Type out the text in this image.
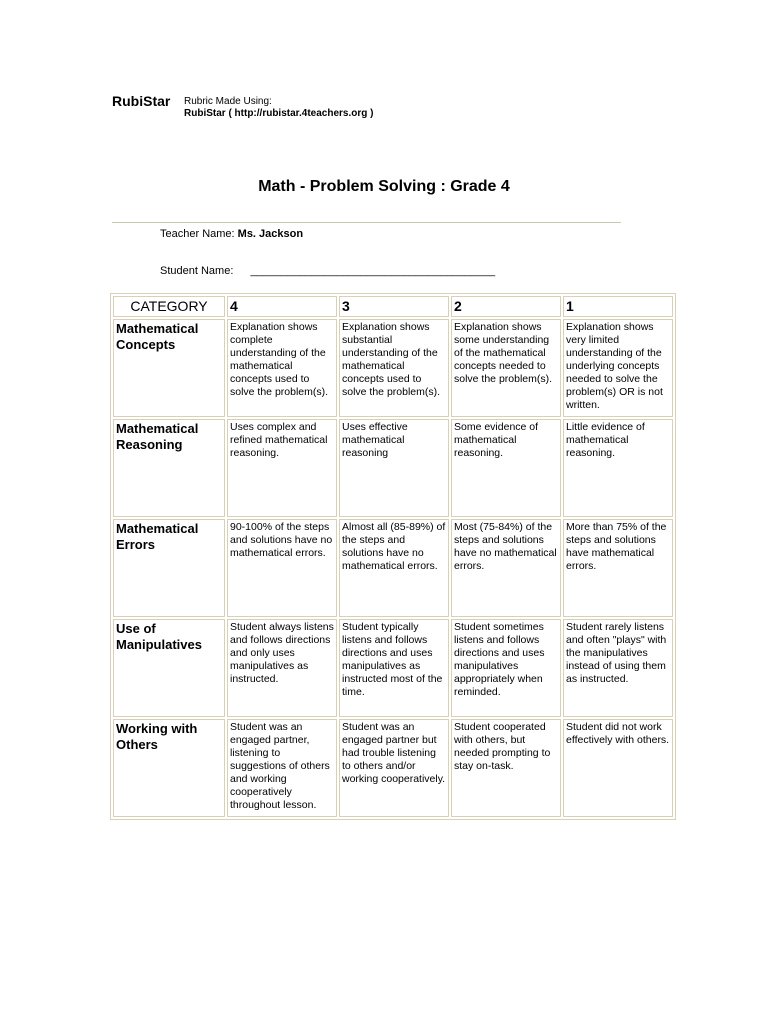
RubiStar Rubric Made Using:
RubiStar ( http://rubistar.4teachers.org )
Math - Problem Solving : Grade 4
Teacher Name: Ms. Jackson
Student Name: ________________________________________
CATEGORY	4	3	2	1
Mathematical Concepts	Explanation shows complete understanding of the mathematical concepts used to solve the problem(s).	Explanation shows substantial understanding of the mathematical concepts used to solve the problem(s).	Explanation shows some understanding of the mathematical concepts needed to solve the problem(s).	Explanation shows very limited understanding of the underlying concepts needed to solve the problem(s) OR is not written.
Mathematical Reasoning	Uses complex and refined mathematical reasoning.	Uses effective mathematical reasoning	Some evidence of mathematical reasoning.	Little evidence of mathematical reasoning.
Mathematical Errors	90-100% of the steps and solutions have no mathematical errors.	Almost all (85-89%) of the steps and solutions have no mathematical errors.	Most (75-84%) of the steps and solutions have no mathematical errors.	More than 75% of the steps and solutions have mathematical errors.
Use of Manipulatives	Student always listens and follows directions and only uses manipulatives as instructed.	Student typically listens and follows directions and uses manipulatives as instructed most of the time.	Student sometimes listens and follows directions and uses manipulatives appropriately when reminded.	Student rarely listens and often "plays" with the manipulatives instead of using them as instructed.
Working with Others	Student was an engaged partner, listening to suggestions of others and working cooperatively throughout lesson.	Student was an engaged partner but had trouble listening to others and/or working cooperatively.	Student cooperated with others, but needed prompting to stay on-task.	Student did not work effectively with others.
